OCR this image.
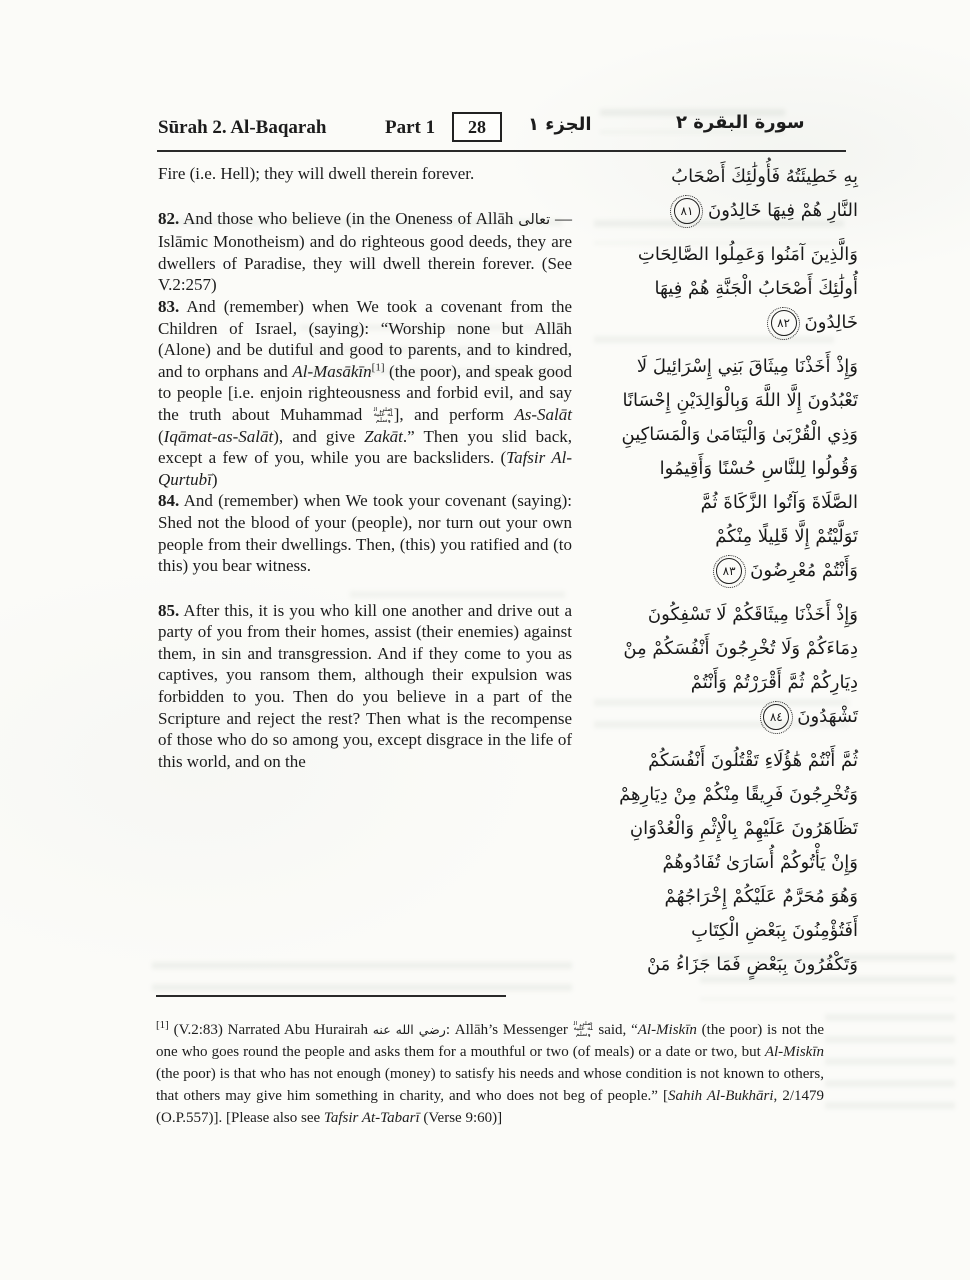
Sūrah 2. Al-Baqarah	Part 1 28 الجزء ١	سورة البقرة ٢

Fire (i.e. Hell); they will dwell therein forever.

82. And those who believe (in the Oneness of Allāh تعالى — Islāmic Monotheism) and do righteous good deeds, they are dwellers of Paradise, they will dwell therein forever. (See V.2:257)

83. And (remember) when We took a covenant from the Children of Israel, (saying): “Worship none but Allāh (Alone) and be dutiful and good to parents, and to kindred, and to orphans and Al-Masākīn[1] (the poor), and speak good to people [i.e. enjoin righteousness and forbid evil, and say the truth about Muhammad صلى الله عليه وسلم ], and perform As-Salāt (Iqāmat-as-Salāt), and give Zakāt.” Then you slid back, except a few of you, while you are backsliders. (Tafsir Al-Qurtubī)

84. And (remember) when We took your covenant (saying): Shed not the blood of your (people), nor turn out your own people from their dwellings. Then, (this) you ratified and (to this) you bear witness.

85. After this, it is you who kill one another and drive out a party of you from their homes, assist (their enemies) against them, in sin and transgression. And if they come to you as captives, you ransom them, although their expulsion was forbidden to you. Then do you believe in a part of the Scripture and reject the rest? Then what is the recompense of those who do so among you, except disgrace in the life of this world, and on the

بِهِ خَطِيئَتُهُ فَأُولَٰئِكَ أَصْحَابُ
النَّارِ هُمْ فِيهَا خَالِدُونَ٨١
وَالَّذِينَ آمَنُوا وَعَمِلُوا الصَّالِحَاتِ
أُولَٰئِكَ أَصْحَابُ الْجَنَّةِ هُمْ فِيهَا
خَالِدُونَ٨٢
وَإِذْ أَخَذْنَا مِيثَاقَ بَنِي إِسْرَائِيلَ لَا
تَعْبُدُونَ إِلَّا اللَّهَ وَبِالْوَالِدَيْنِ إِحْسَانًا
وَذِي الْقُرْبَىٰ وَالْيَتَامَىٰ وَالْمَسَاكِينِ
وَقُولُوا لِلنَّاسِ حُسْنًا وَأَقِيمُوا
الصَّلَاةَ وَآتُوا الزَّكَاةَ ثُمَّ
تَوَلَّيْتُمْ إِلَّا قَلِيلًا مِنْكُمْ
وَأَنْتُمْ مُعْرِضُونَ٨٣
وَإِذْ أَخَذْنَا مِيثَاقَكُمْ لَا تَسْفِكُونَ
دِمَاءَكُمْ وَلَا تُخْرِجُونَ أَنْفُسَكُمْ مِنْ
دِيَارِكُمْ ثُمَّ أَقْرَرْتُمْ وَأَنْتُمْ
تَشْهَدُونَ٨٤
ثُمَّ أَنْتُمْ هَٰؤُلَاءِ تَقْتُلُونَ أَنْفُسَكُمْ
وَتُخْرِجُونَ فَرِيقًا مِنْكُمْ مِنْ دِيَارِهِمْ
تَظَاهَرُونَ عَلَيْهِمْ بِالْإِثْمِ وَالْعُدْوَانِ
وَإِنْ يَأْتُوكُمْ أُسَارَىٰ تُفَادُوهُمْ
وَهُوَ مُحَرَّمٌ عَلَيْكُمْ إِخْرَاجُهُمْ
أَفَتُؤْمِنُونَ بِبَعْضِ الْكِتَابِ
وَتَكْفُرُونَ بِبَعْضٍ فَمَا جَزَاءُ مَنْ

[1] (V.2:83) Narrated Abu Hurairah رضي الله عنه: Allāh’s Messenger صلى الله عليه وسلم said, “Al-Miskīn (the poor) is not the one who goes round the people and asks them for a mouthful or two (of meals) or a date or two, but Al-Miskīn (the poor) is that who has not enough (money) to satisfy his needs and whose condition is not known to others, that others may give him something in charity, and who does not beg of people.” [Sahih Al-Bukhāri, 2/1479 (O.P.557)]. [Please also see Tafsir At-Tabarī (Verse 9:60)]
